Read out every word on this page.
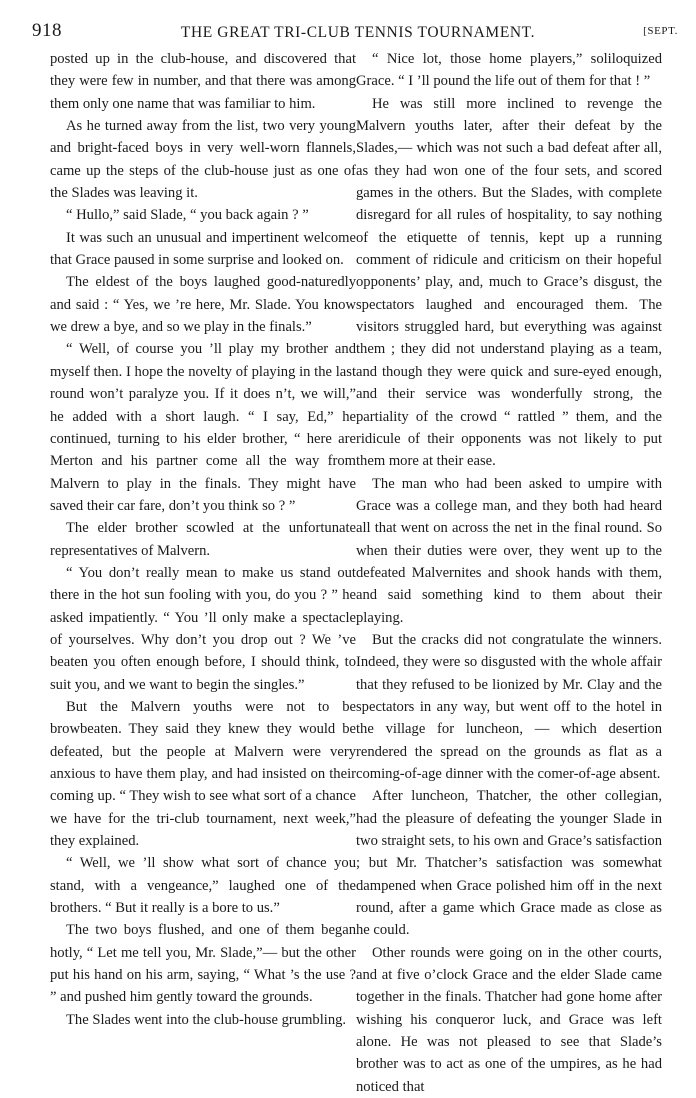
918	THE GREAT TRI-CLUB TENNIS TOURNAMENT.	[SEPT.

posted up in the club-house, and discovered that they were few in number, and that there was among them only one name that was familiar to him.

As he turned away from the list, two very young and bright-faced boys in very well-worn flannels, came up the steps of the club-house just as one of the Slades was leaving it.

“ Hullo,” said Slade, “ you back again ? ”

It was such an unusual and impertinent welcome that Grace paused in some surprise and looked on.

The eldest of the boys laughed good-naturedly and said : “ Yes, we ’re here, Mr. Slade. You know we drew a bye, and so we play in the finals.”

“ Well, of course you ’ll play my brother and myself then. I hope the novelty of playing in the last round won’t paralyze you. If it does n’t, we will,” he added with a short laugh. “ I say, Ed,” he continued, turning to his elder brother, “ here are Merton and his partner come all the way from Malvern to play in the finals. They might have saved their car fare, don’t you think so ? ”

The elder brother scowled at the unfortunate representatives of Malvern.

“ You don’t really mean to make us stand out there in the hot sun fooling with you, do you ? ” he asked impatiently. “ You ’ll only make a spectacle of yourselves. Why don’t you drop out ? We ’ve beaten you often enough before, I should think, to suit you, and we want to begin the singles.”

But the Malvern youths were not to be browbeaten. They said they knew they would be defeated, but the people at Malvern were very anxious to have them play, and had insisted on their coming up. “ They wish to see what sort of a chance we have for the tri-club tournament, next week,” they explained.

“ Well, we ’ll show what sort of chance you stand, with a vengeance,” laughed one of the brothers. “ But it really is a bore to us.”

The two boys flushed, and one of them began hotly, “ Let me tell you, Mr. Slade,”— but the other put his hand on his arm, saying, “ What ’s the use ? ” and pushed him gently toward the grounds.

The Slades went into the club-house grumbling.

“ Nice lot, those home players,” soliloquized Grace. “ I ’ll pound the life out of them for that ! ”

He was still more inclined to revenge the Malvern youths later, after their defeat by the Slades,— which was not such a bad defeat after all, as they had won one of the four sets, and scored games in the others. But the Slades, with complete disregard for all rules of hospitality, to say nothing of the etiquette of tennis, kept up a running comment of ridicule and criticism on their hopeful opponents’ play, and, much to Grace’s disgust, the spectators laughed and encouraged them. The visitors struggled hard, but everything was against them ; they did not understand playing as a team, and though they were quick and sure-eyed enough, and their service was wonderfully strong, the partiality of the crowd “ rattled ” them, and the ridicule of their opponents was not likely to put them more at their ease.

The man who had been asked to umpire with Grace was a college man, and they both had heard all that went on across the net in the final round. So when their duties were over, they went up to the defeated Malvernites and shook hands with them, and said something kind to them about their playing.

But the cracks did not congratulate the winners. Indeed, they were so disgusted with the whole affair that they refused to be lionized by Mr. Clay and the spectators in any way, but went off to the hotel in the village for luncheon, — which desertion rendered the spread on the grounds as flat as a coming-of-age dinner with the comer-of-age absent.

After luncheon, Thatcher, the other collegian, had the pleasure of defeating the younger Slade in two straight sets, to his own and Grace’s satisfaction ; but Mr. Thatcher’s satisfaction was somewhat dampened when Grace polished him off in the next round, after a game which Grace made as close as he could.

Other rounds were going on in the other courts, and at five o’clock Grace and the elder Slade came together in the finals. Thatcher had gone home after wishing his conqueror luck, and Grace was left alone. He was not pleased to see that Slade’s brother was to act as one of the umpires, as he had noticed that
